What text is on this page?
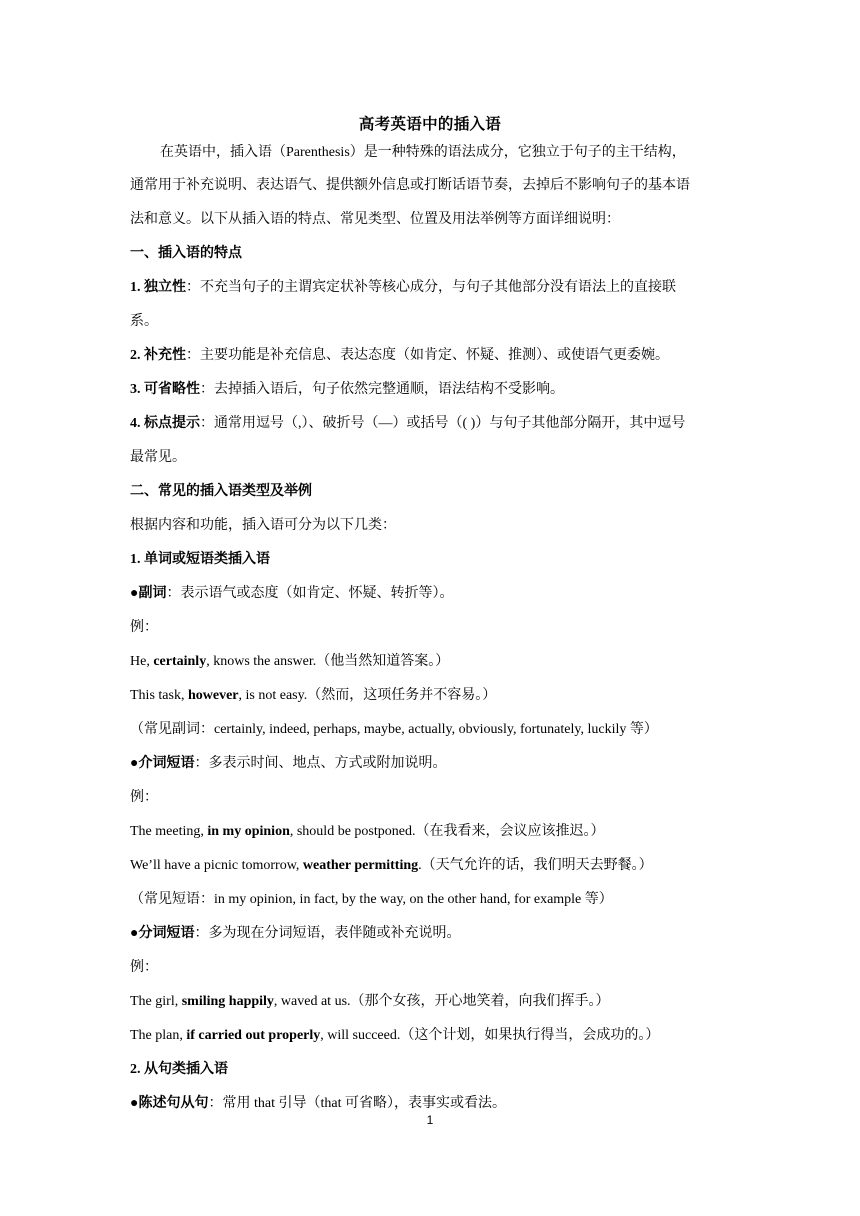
高考英语中的插入语
在英语中，插入语（Parenthesis）是一种特殊的语法成分，它独立于句子的主干结构，
通常用于补充说明、表达语气、提供额外信息或打断话语节奏，去掉后不影响句子的基本语
法和意义。以下从插入语的特点、常见类型、位置及用法举例等方面详细说明：
一、插入语的特点
1. 独立性：不充当句子的主谓宾定状补等核心成分，与句子其他部分没有语法上的直接联
系。
2. 补充性：主要功能是补充信息、表达态度（如肯定、怀疑、推测）、或使语气更委婉。
3. 可省略性：去掉插入语后，句子依然完整通顺，语法结构不受影响。
4. 标点提示：通常用逗号（,）、破折号（—）或括号（( )）与句子其他部分隔开，其中逗号
最常见。
二、常见的插入语类型及举例
根据内容和功能，插入语可分为以下几类：
1. 单词或短语类插入语
●副词：表示语气或态度（如肯定、怀疑、转折等）。
例：
He, certainly, knows the answer.（他当然知道答案。）
This task, however, is not easy.（然而，这项任务并不容易。）
（常见副词：certainly, indeed, perhaps, maybe, actually, obviously, fortunately, luckily 等）
●介词短语：多表示时间、地点、方式或附加说明。
例：
The meeting, in my opinion, should be postponed.（在我看来，会议应该推迟。）
We’ll have a picnic tomorrow, weather permitting.（天气允许的话，我们明天去野餐。）
（常见短语：in my opinion, in fact, by the way, on the other hand, for example 等）
●分词短语：多为现在分词短语，表伴随或补充说明。
例：
The girl, smiling happily, waved at us.（那个女孩，开心地笑着，向我们挥手。）
The plan, if carried out properly, will succeed.（这个计划，如果执行得当，会成功的。）
2. 从句类插入语
●陈述句从句：常用 that 引导（that 可省略），表事实或看法。
1
